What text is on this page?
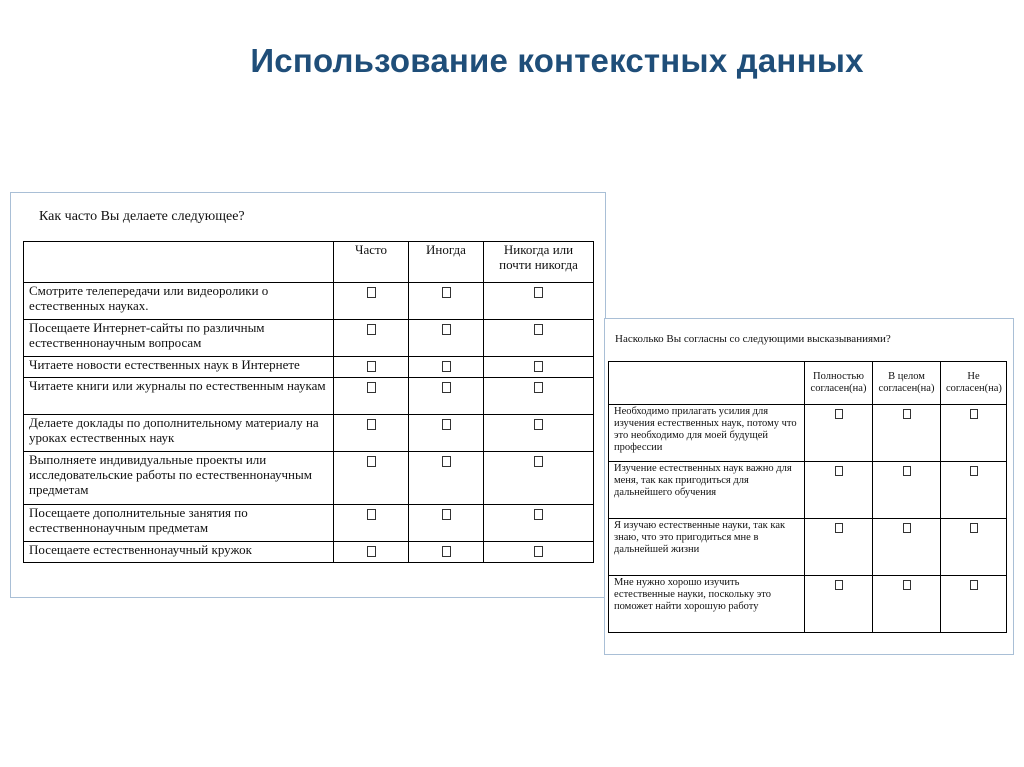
Использование контекстных данных
Как часто Вы делаете следующее?
	Часто	Иногда	Никогда или почти никогда
Смотрите телепередачи или видеоролики о естественных науках.			
Посещаете Интернет-сайты по различным естественнонаучным вопросам			
Читаете новости естественных наук в Интернете			
Читаете книги или журналы по естественным наукам			
Делаете доклады по дополнительному материалу на уроках естественных наук			
Выполняете индивидуальные проекты или исследовательские работы по естественнонаучным предметам			
Посещаете дополнительные занятия по естественнонаучным предметам			
Посещаете естественнонаучный кружок			
Насколько Вы согласны со следующими высказываниями?
	Полностью согласен(на)	В целом согласен(на)	Не согласен(на)
Необходимо прилагать усилия для изучения естественных наук, потому что это необходимо для моей будущей профессии			
Изучение естественных наук важно для меня, так как пригодиться для дальнейшего обучения			
Я изучаю естественные науки, так как знаю, что это пригодиться мне в дальнейшей жизни			
Мне нужно хорошо изучить естественные науки, поскольку это поможет найти хорошую работу			
